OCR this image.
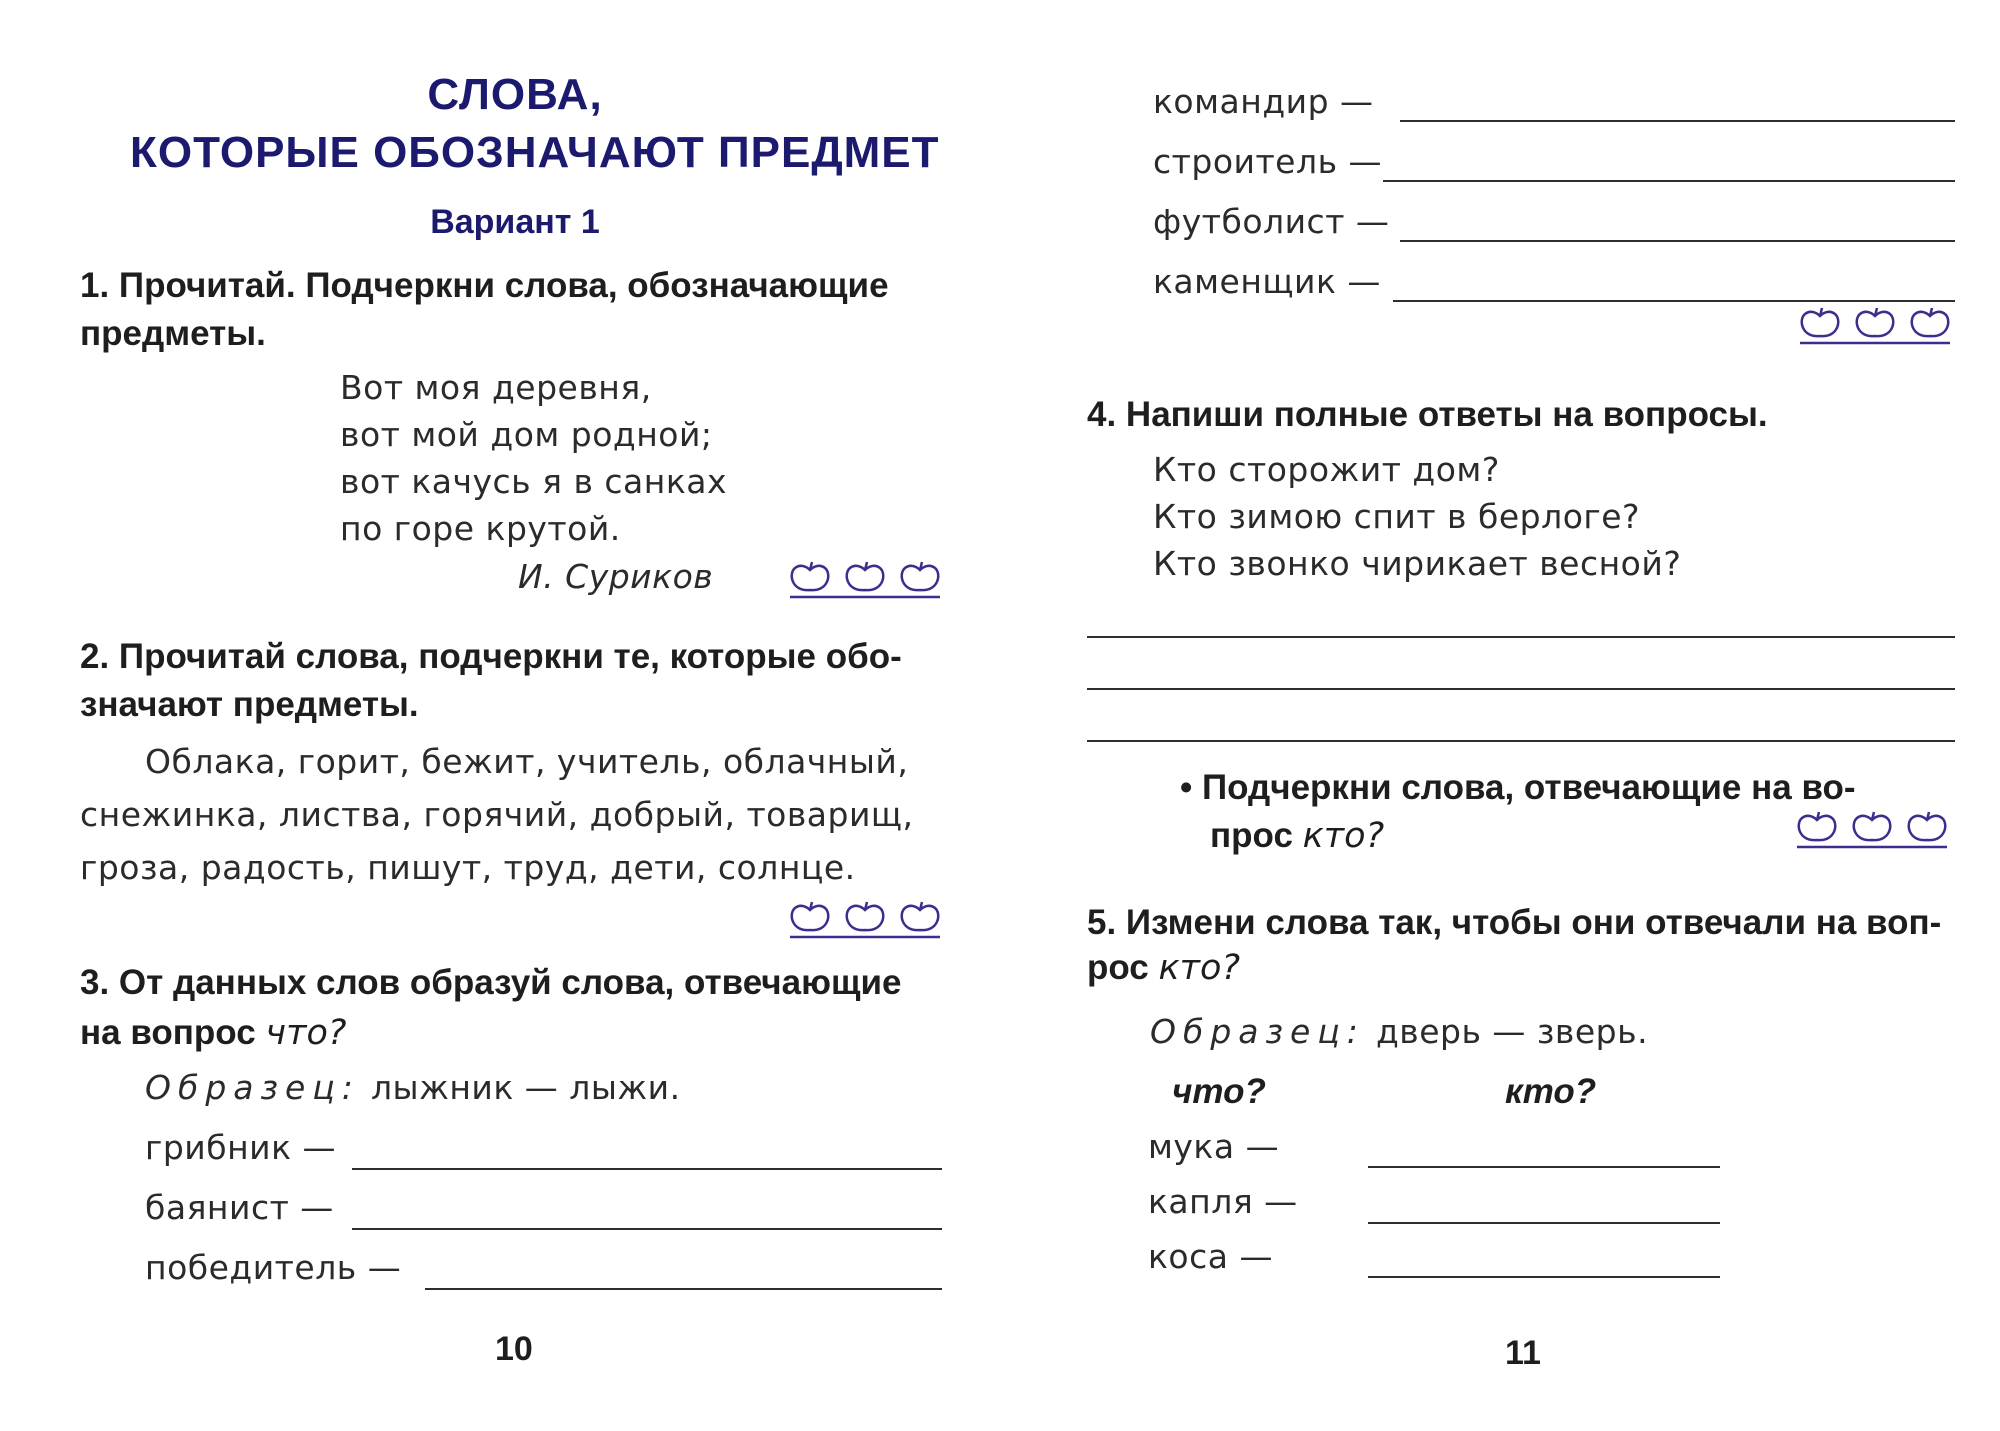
СЛОВА,
КОТОРЫЕ ОБОЗНАЧАЮТ ПРЕДМЕТ
Вариант 1
1. Прочитай. Подчеркни слова, обозначающие
предметы.
Вот моя деревня,
вот мой дом родной;
вот качусь я в санках
по горе крутой.
И. Суриков
2. Прочитай слова, подчеркни те, которые обо-
значают предметы.
Облака, горит, бежит, учитель, облачный,
снежинка, листва, горячий, добрый, товарищ,
гроза, радость, пишут, труд, дети, солнце.
3. От данных слов образуй слова, отвечающие
на вопрос что?
Образец: лыжник — лыжи.
грибник —
баянист —
победитель —
10
командир —
строитель —
футболист —
каменщик —
4. Напиши полные ответы на вопросы.
Кто сторожит дом?
Кто зимою спит в берлоге?
Кто звонко чирикает весной?
• Подчеркни слова, отвечающие на во-
прос кто?
5. Измени слова так, чтобы они отвечали на воп-
рос кто?
Образец: дверь — зверь.
что?	кто?
мука —
капля —
коса —
11
